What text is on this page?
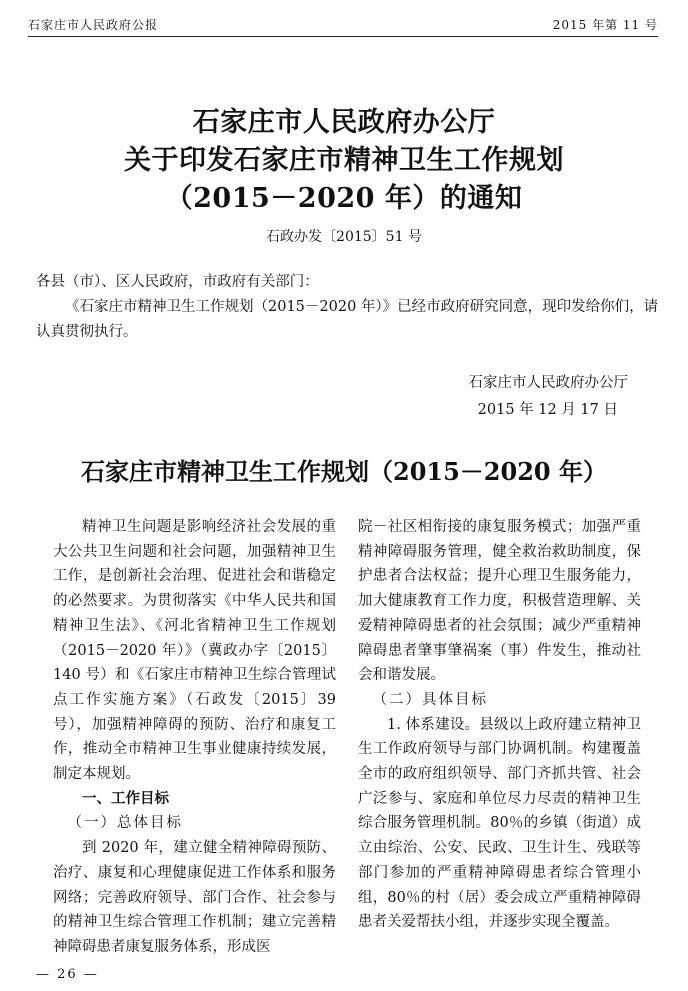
石家庄市人民政府公报	2015 年第 11 号
石家庄市人民政府办公厅
关于印发石家庄市精神卫生工作规划
（2015－2020 年）的通知
石政办发〔2015〕51 号
各县（市）、区人民政府，市政府有关部门：
《石家庄市精神卫生工作规划（2015－2020 年）》已经市政府研究同意，现印发给你们，请认真贯彻执行。
石家庄市人民政府办公厅
2015 年 12 月 17 日
石家庄市精神卫生工作规划（2015－2020 年）

精神卫生问题是影响经济社会发展的重大公共卫生问题和社会问题，加强精神卫生工作，是创新社会治理、促进社会和谐稳定的必然要求。为贯彻落实《中华人民共和国精神卫生法》、《河北省精神卫生工作规划（2015－2020 年）》（冀政办字〔2015〕140 号）和《石家庄市精神卫生综合管理试点工作实施方案》（石政发〔2015〕39 号），加强精神障碍的预防、治疗和康复工作，推动全市精神卫生事业健康持续发展，制定本规划。

一、工作目标

（一）总体目标

到 2020 年，建立健全精神障碍预防、治疗、康复和心理健康促进工作体系和服务网络；完善政府领导、部门合作、社会参与的精神卫生综合管理工作机制；建立完善精神障碍患者康复服务体系，形成医

院－社区相衔接的康复服务模式；加强严重精神障碍服务管理，健全救治救助制度，保护患者合法权益；提升心理卫生服务能力，加大健康教育工作力度，积极营造理解、关爱精神障碍患者的社会氛围；减少严重精神障碍患者肇事肇祸案（事）件发生，推动社会和谐发展。

（二）具体目标

1. 体系建设。县级以上政府建立精神卫生工作政府领导与部门协调机制。构建覆盖全市的政府组织领导、部门齐抓共管、社会广泛参与、家庭和单位尽力尽责的精神卫生综合服务管理机制。80％的乡镇（街道）成立由综治、公安、民政、卫生计生、残联等部门参加的严重精神障碍患者综合管理小组，80％的村（居）委会成立严重精神障碍患者关爱帮扶小组，并逐步实现全覆盖。

— 26 —
